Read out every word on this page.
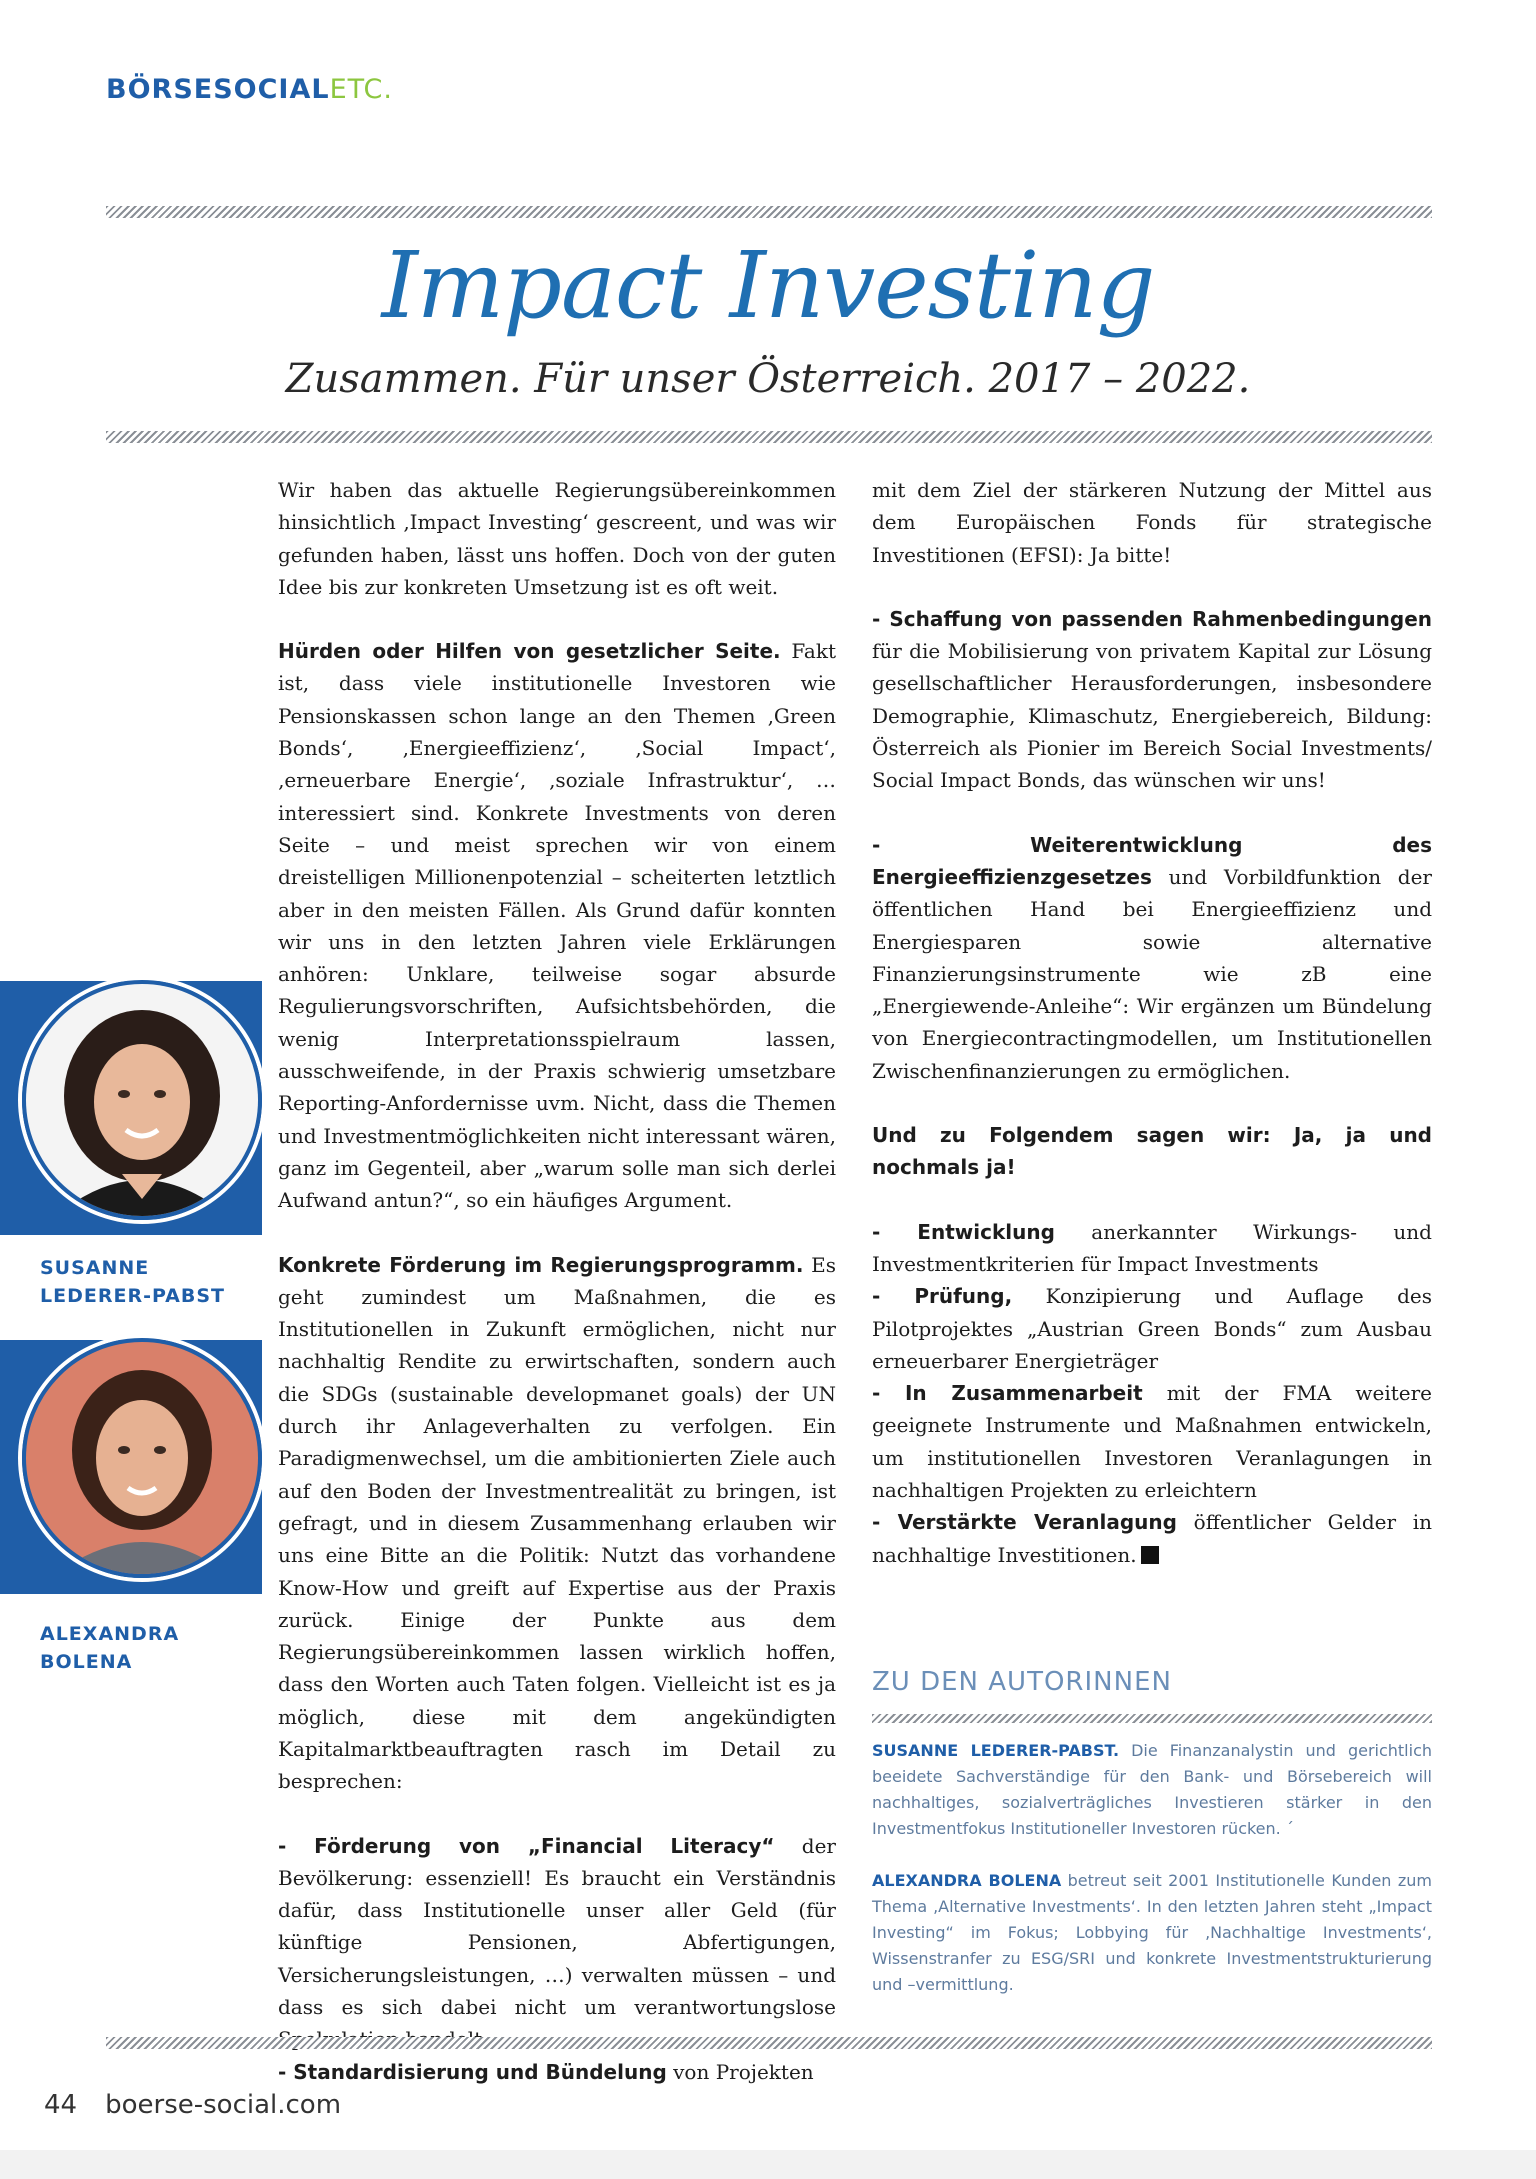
BÖRSESOCIALETC.
Impact Investing
Zusammen. Für unser Österreich. 2017 – 2022.
SUSANNE
LEDERER-PABST
ALEXANDRA
BOLENA

Wir haben das aktuelle Regierungsübereinkommen hinsichtlich ‚Impact Investing‘ gescreent, und was wir gefunden haben, lässt uns hoffen. Doch von der guten Idee bis zur konkreten Umsetzung ist es oft weit.

Hürden oder Hilfen von gesetzlicher Seite. Fakt ist, dass viele institutionelle Investoren wie Pensionskassen schon lange an den Themen ‚Green Bonds‘, ‚Energieeffizienz‘, ‚Social Impact‘, ‚erneuerbare Energie‘, ‚soziale Infrastruktur‘, … interessiert sind. Konkrete Investments von deren Seite – und meist sprechen wir von einem dreistelligen Millionenpotenzial – scheiterten letztlich aber in den meisten Fällen. Als Grund dafür konnten wir uns in den letzten Jahren viele Erklärungen anhören: Unklare, teilweise sogar absurde Regulierungsvorschriften, Aufsichtsbehörden, die wenig Interpretationsspielraum lassen, ausschweifende, in der Praxis schwierig umsetzbare Reporting-Anfordernisse uvm. Nicht, dass die Themen und Investmentmöglichkeiten nicht interessant wären, ganz im Gegenteil, aber „warum solle man sich derlei Aufwand antun?“, so ein häufiges Argument.

Konkrete Förderung im Regierungsprogramm. Es geht zumindest um Maßnahmen, die es Institutionellen in Zukunft ermöglichen, nicht nur nachhaltig Rendite zu erwirtschaften, sondern auch die SDGs (sustainable developmanet goals) der UN durch ihr Anlageverhalten zu verfolgen. Ein Paradigmenwechsel, um die ambitionierten Ziele auch auf den Boden der Investmentrealität zu bringen, ist gefragt, und in diesem Zusammenhang erlauben wir uns eine Bitte an die Politik: Nutzt das vorhandene Know-How und greift auf Expertise aus der Praxis zurück. Einige der Punkte aus dem Regierungsübereinkommen lassen wirklich hoffen, dass den Worten auch Taten folgen. Vielleicht ist es ja möglich, diese mit dem angekündigten Kapitalmarktbeauftragten rasch im Detail zu besprechen:

- Förderung von „Financial Literacy“ der Bevölkerung: essenziell! Es braucht ein Verständnis dafür, dass Institutionelle unser aller Geld (für künftige Pensionen, Abfertigungen, Versicherungsleistungen, …) verwalten müssen – und dass es sich dabei nicht um verantwortungslose

- Standardisierung und Bündelung von Projekten

mit dem Ziel der stärkeren Nutzung der Mittel aus dem Europäischen Fonds für strategische Investitionen (EFSI): Ja bitte!

- Schaffung von passenden Rahmenbedingungen für die Mobilisierung von privatem Kapital zur Lösung gesellschaftlicher Herausforderungen, insbesondere Demographie, Klimaschutz, Energiebereich, Bildung: Österreich als Pionier im Bereich Social Investments/ Social Impact Bonds, das wünschen wir uns!

- Weiterentwicklung des Energieeffizienzgesetzes und Vorbildfunktion der öffentlichen Hand bei Energieeffizienz und Energiesparen sowie alternative Finanzierungsinstrumente wie zB eine „Energiewende-Anleihe“: Wir ergänzen um Bündelung von Energiecontractingmodellen, um Institutionellen Zwischenfinanzierungen zu ermöglichen.

Und zu Folgendem sagen wir: Ja, ja und nochmals ja!

- Entwicklung anerkannter Wirkungs- und Investmentkriterien für Impact Investments

- Prüfung, Konzipierung und Auflage des Pilotprojektes „Austrian Green Bonds“ zum Ausbau erneuerbarer Energieträger

- In Zusammenarbeit mit der FMA weitere geeignete Instrumente und Maßnahmen entwickeln, um institutionellen Investoren Veranlagungen in nachhaltigen Projekten zu erleichtern

- Verstärkte Veranlagung öffentlicher Gelder in nachhaltige Investitionen.

ZU DEN AUTORINNEN
SUSANNE LEDERER-PABST. Die Finanzanalystin und gerichtlich beeidete Sachverständige für den Bank- und Börsebereich will nachhaltiges, sozialverträgliches Investieren stärker in den Investmentfokus Institutioneller Investoren rücken. ´
ALEXANDRA BOLENA betreut seit 2001 Institutionelle Kunden zum Thema ‚Alternative Investments‘. In den letzten Jahren steht „Impact Investing“ im Fokus; Lobbying für ‚Nachhaltige Investments‘, Wissenstranfer zu ESG/SRI und konkrete Investmentstrukturierung und –vermittlung.
44 boerse-social.com
